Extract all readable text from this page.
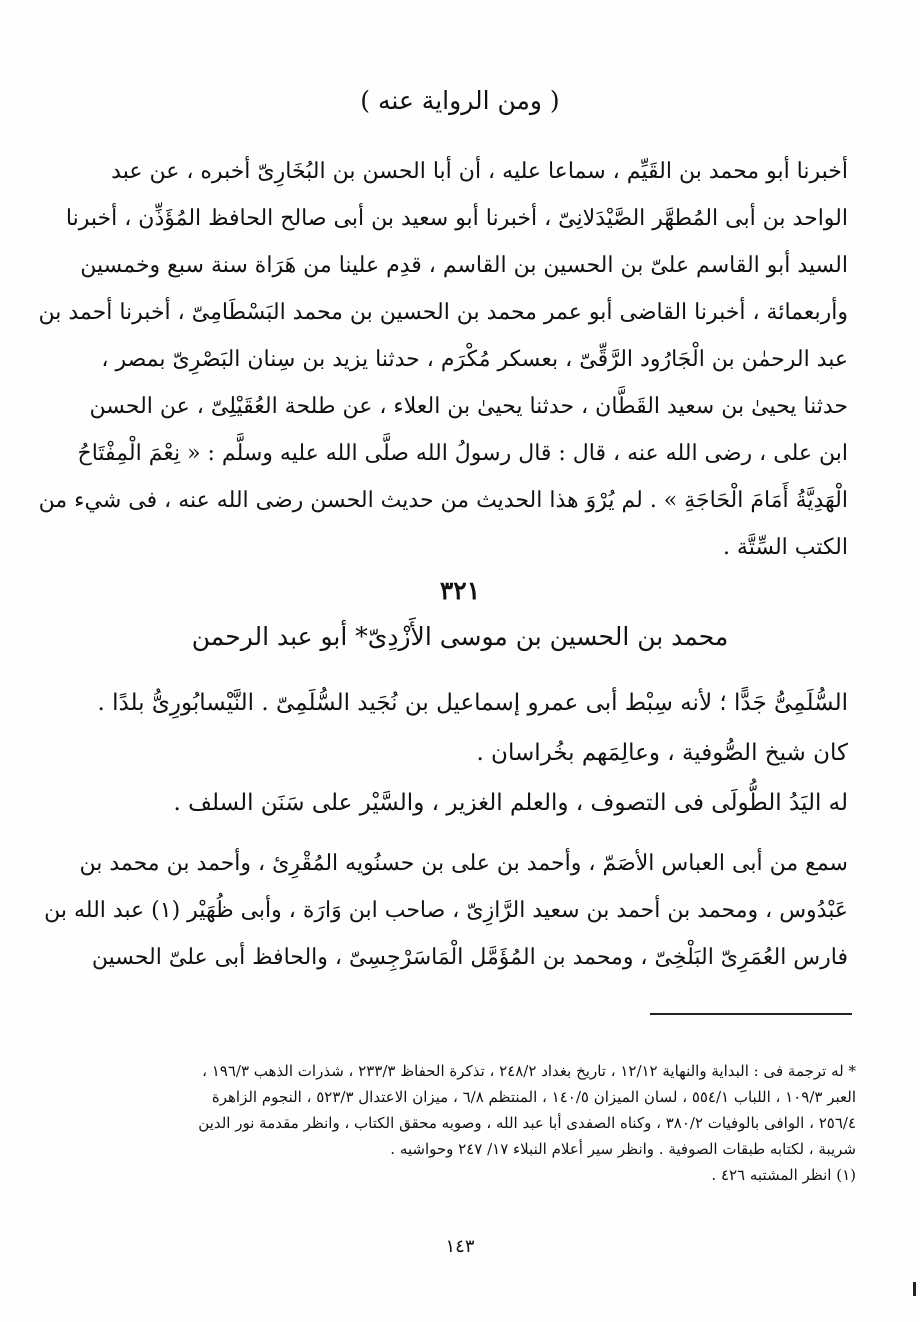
( ومن الرواية عنه )
أخبرنا أبو محمد بن القَيِّم ، سماعا عليه ، أن أبا الحسن بن البُخَارِىّ أخبره ، عن عبد
الواحد بن أبى المُطهَّر الصَّيْدَلانِىّ ، أخبرنا أبو سعيد بن أبى صالح الحافظ المُؤَذِّن ، أخبرنا
السيد أبو القاسم علىّ بن الحسين بن القاسم ، قدِم علينا من هَرَاة سنة سبع وخمسين
وأربعمائة ، أخبرنا القاضى أبو عمر محمد بن الحسين بن محمد البَسْطَامِىّ ، أخبرنا أحمد بن
عبد الرحمٰن بن الْجَارُود الرَّقِّىّ ، بعسكر مُكْرَم ، حدثنا يزيد بن سِنان البَصْرِىّ بمصر ،
حدثنا يحيىٰ بن سعيد القَطَّان ، حدثنا يحيىٰ بن العلاء ، عن طلحة العُقَيْلِىّ ، عن الحسن
ابن على ، رضى الله عنه ، قال : قال رسولُ الله صلَّى الله عليه وسلَّم : « نِعْمَ الْمِفْتَاحُ
الْهَدِيَّةُ أَمَامَ الْحَاجَةِ » . لم يُرْوَ هذا الحديث من حديث الحسن رضى الله عنه ، فى شيء من
الكتب السِّتَّة .
٣٢١
محمد بن الحسين بن موسى الأَزْدِىّ* أبو عبد الرحمن
السُّلَمِىُّ جَدًّا ؛ لأنه سِبْط أبى عمرو إسماعيل بن نُجَيد السُّلَمِىّ . النَّيْسابُورِىُّ بلدًا .
كان شيخ الصُّوفية ، وعالِمَهم بخُراسان .
له اليَدُ الطُّولَى فى التصوف ، والعلم الغزير ، والسَّيْر على سَنَن السلف .
سمع من أبى العباس الأصَمّ ، وأحمد بن على بن حسنُويه المُقْرِئ ، وأحمد بن محمد بن
عَبْدُوس ، ومحمد بن أحمد بن سعيد الرَّازِىّ ، صاحب ابن وَارَة ، وأبى ظُهَيْر (١) عبد الله بن
فارس العُمَرِىّ البَلْخِىّ ، ومحمد بن المُؤَمَّل الْمَاسَرْجِسِىّ ، والحافظ أبى علىّ الحسين
* له ترجمة فى : البداية والنهاية ١٢/١٢ ، تاريخ بغداد ٢٤٨/٢ ، تذكرة الحفاظ ٢٣٣/٣ ، شذرات الذهب ١٩٦/٣ ،
العبر ١٠٩/٣ ، اللباب ٥٥٤/١ ، لسان الميزان ١٤٠/٥ ، المنتظم ٦/٨ ، ميزان الاعتدال ٥٢٣/٣ ، النجوم الزاهرة
٢٥٦/٤ ، الوافى بالوفيات ٣٨٠/٢ ، وكناه الصفدى أبا عبد الله ، وصوبه محقق الكتاب ، وانظر مقدمة نور الدين
شريبة ، لكتابه طبقات الصوفية . وانظر سير أعلام النبلاء ١٧/ ٢٤٧ وحواشيه .
(١) انظر المشتبه ٤٢٦ .
١٤٣
